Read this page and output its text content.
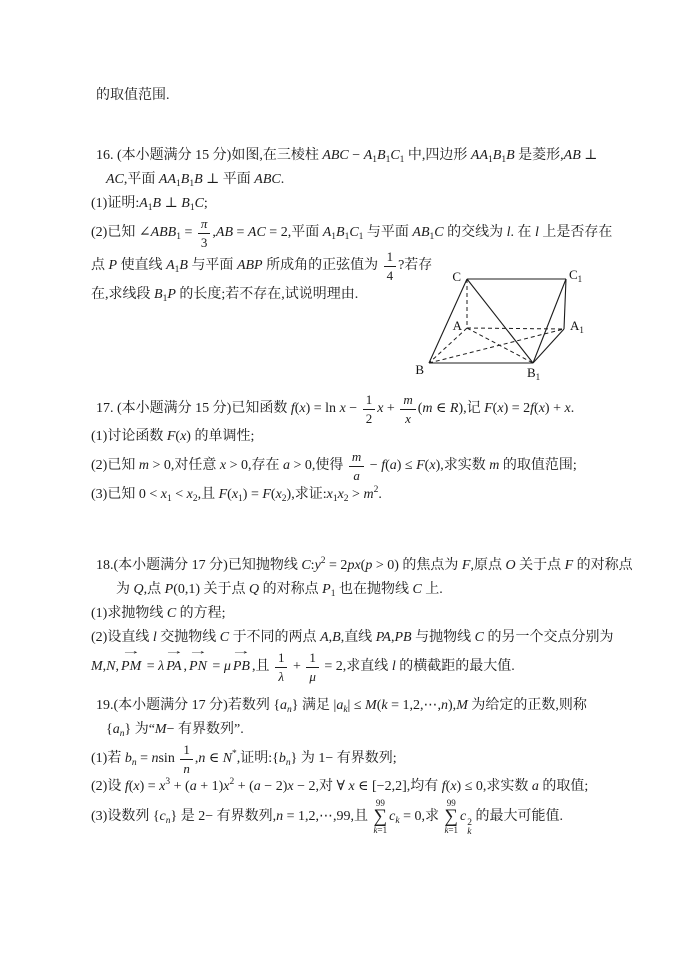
的取值范围.

16. (本小题满分 15 分)如图,在三棱柱 ABC − $A_1B_1C_1$ 中,四边形 $AA_1B_1B$ 是菱形,AB ⊥

AC,平面 $AA_1B_1B$ ⊥ 平面 ABC.

(1)证明$:A_1B$ ⊥ $B_1C$;

(2)已知 $\angle ABB_1 = \frac{\pi}{3} ,AB$ = AC = 2,平面 $A_1B_1C_1$ 与平面 $AB_1C$ 的交线为 l. 在 l 上是否存在

点 P 使直线 $A_1B$ 与平面 ABP 所成角的正弦值为 $\frac{1}{4}$ ?若存

在,求线段 $B_1P$ 的长度;若不存在,试说明理由.

C	$C_1$
A	$A_1$
B	$B_1$

17. (本小题满分 15 分)已知函数 $f(x) = \ln x - \frac{1}{2}$ $x + \frac{m}{x} (m$ ∈ R),记 F(x) = 2f(x) + x.

(1)讨论函数 F(x) 的单调性;

(2)已知 m > 0,对任意 x > 0,存在 a > 0,使得 $\frac{m}{a} - f(a) \le F(x)$,求实数 m 的取值范围;

(3)已知 $0 < x_1 < x_2$,且 $F(x_1) = F(x_2)$,求证$:x_1x_2 > m^2$.

18.(本小题满分 17 分)已知抛物线 $C:y^2 = 2px(p > 0)$ 的焦点为 F,原点 O 关于点 F 的对称点

为 Q,点 P(0,1) 关于点 Q 的对称点 $P_1$ 也在抛物线 C 上.

(1)求抛物线 C 的方程;

(2)设直线 l 交抛物线 C 于不同的两点 A,B,直线 PA,PB 与抛物线 C 的另一个交点分别为

M,N, → PM = λ → PA , → PN = μ → PB ,且 $\frac{1}{\lambda} + \frac{1}{\mu} = 2$,求直线 l 的横截距的最大值.

19.(本小题满分 17 分)若数列 $\{a_n\}$ 满足 $|a_k| \le M(k$ = 1,2,⋯,n),M 为给定的正数,则称

$\{a_n\}$ 为“M− 有界数列”.

(1)若 $b_n = nsin \frac{1}{n} ,n$ ∈ N*,证明$:\{b_n\}$ 为 1− 有界数列;

(2)设 $f(x) = x^3 + (a + 1)x^2 + (a - 2)x - 2$,对 ∀ x ∈ [−2,2],均有 f(x) ≤ 0,求实数 a 的取值;

(3)设数列 $\{c_n\}$ 是 2− 有界数列,n = 1,2,⋯,99,且
99
∑
k=1
$c_k = 0$,求
99
∑
k=1
c 2
k
的最大可能值.
